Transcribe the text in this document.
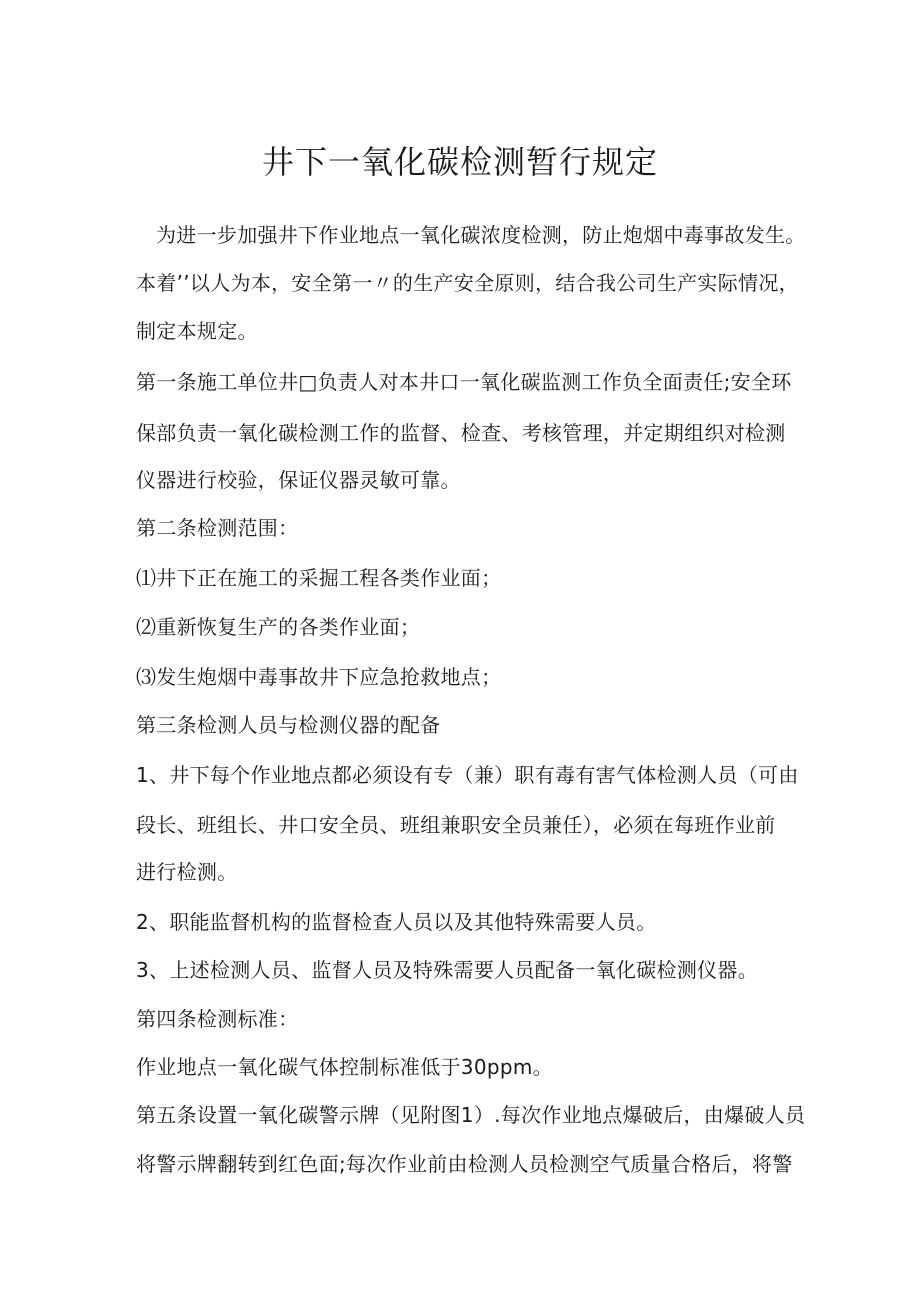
井下一氧化碳检测暂行规定
为进一步加强井下作业地点一氧化碳浓度检测，防止炮烟中毒事故发生。
本着’’以人为本，安全第一〃的生产安全原则，结合我公司生产实际情况，
制定本规定。
第一条施工单位井□负责人对本井口一氧化碳监测工作负全面责任;安全环
保部负责一氧化碳检测工作的监督、检查、考核管理，并定期组织对检测
仪器进行校验，保证仪器灵敏可靠。
第二条检测范围：
⑴井下正在施工的采掘工程各类作业面；
⑵重新恢复生产的各类作业面；
⑶发生炮烟中毒事故井下应急抢救地点；
第三条检测人员与检测仪器的配备
1、井下每个作业地点都必须设有专（兼）职有毒有害气体检测人员（可由
段长、班组长、井口安全员、班组兼职安全员兼任），必须在每班作业前
进行检测。
2、职能监督机构的监督检查人员以及其他特殊需要人员。
3、上述检测人员、监督人员及特殊需要人员配备一氧化碳检测仪器。
第四条检测标准：
作业地点一氧化碳气体控制标准低于30ppm。
第五条设置一氧化碳警示牌（见附图1）.每次作业地点爆破后，由爆破人员
将警示牌翻转到红色面;每次作业前由检测人员检测空气质量合格后，将警
